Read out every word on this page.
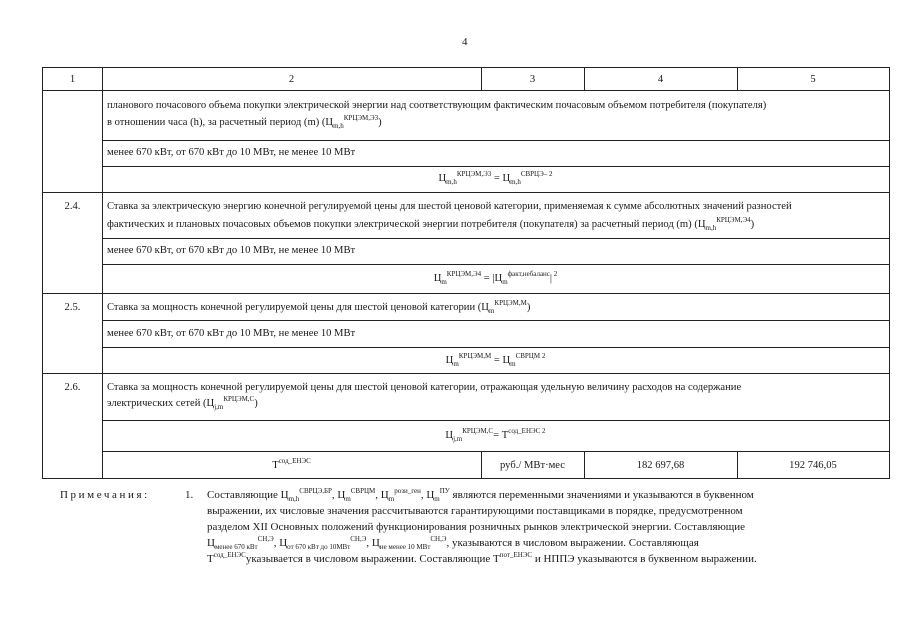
4
1	2	3	4	5
планового почасового объема покупки электрической энергии над соответствующим фактическим почасовым объемом потребителя (покупателя)
в отношении часа (h), за расчетный период (m) $(Ц_{m,h}^{КРЦЭМ,Э3})$
менее 670 кВт, от 670 кВт до 10 МВт, не менее 10 МВт
$Ц_{m,h}^{КРЦЭМ,Э3} = Ц_{m,h}^{СВРЦЭ- 2}$
2.4.	Ставка за электрическую энергию конечной регулируемой цены для шестой ценовой категории, применяемая к сумме абсолютных значений разностей
фактических и плановых почасовых объемов покупки электрической энергии потребителя (покупателя) за расчетный период (m) $(Ц_{m,h}^{КРЦЭМ,Э4})$
менее 670 кВт, от 670 кВт до 10 МВт, не менее 10 МВт
$Ц_m^{КРЦЭМ,Э4} = |Ц_m^{факт,небаланс}|$ $^2$
2.5.	Ставка за мощность конечной регулируемой цены для шестой ценовой категории $(Ц_m^{КРЦЭМ,М})$
менее 670 кВт, от 670 кВт до 10 МВт, не менее 10 МВт
$Ц_m^{КРЦЭМ,М} = Ц_m^{СВРЦМ 2}$
2.6.	Ставка за мощность конечной регулируемой цены для шестой ценовой категории, отражающая удельную величину расходов на содержание
электрических сетей $(Ц_{j,m}^{КРЦЭМ,С})$
$Ц_{j,m}^{КРЦЭМ,С}= T^{сод\_ЕНЭС 2}$
$Т^{сод\_ЕНЭС}$	руб./ МВт·мес	182 697,68	192 746,05
Примечания:	1. Составляющие $Ц_{m,h}^{СВРЦЭ,БР}$, $Ц_m^{СВРЦМ}$, $Ц_m^{рози\_ген}$, $Ц_m^{ПУ}$ являются переменными значениями и указываются в буквенном
выражении, их числовые значения рассчитываются гарантирующими поставщиками в порядке, предусмотренном
разделом XII Основных положений функционирования розничных рынков электрической энергии. Составляющие
$Ц_{менее 670 кВт}^{СН,Э}$, $Ц_{от 670 кВт до 10МВт}^{СН,Э}$, $Ц_{не менее 10 МВт}^{СН,Э}$, указываются в числовом выражении. Составляющая
$Т^{сод\_ЕНЭС}указывается$ в числовом выражении. Составляющие $Т^{пот\_ЕНЭС}$ и НППЭ указываются в буквенном выражении.
